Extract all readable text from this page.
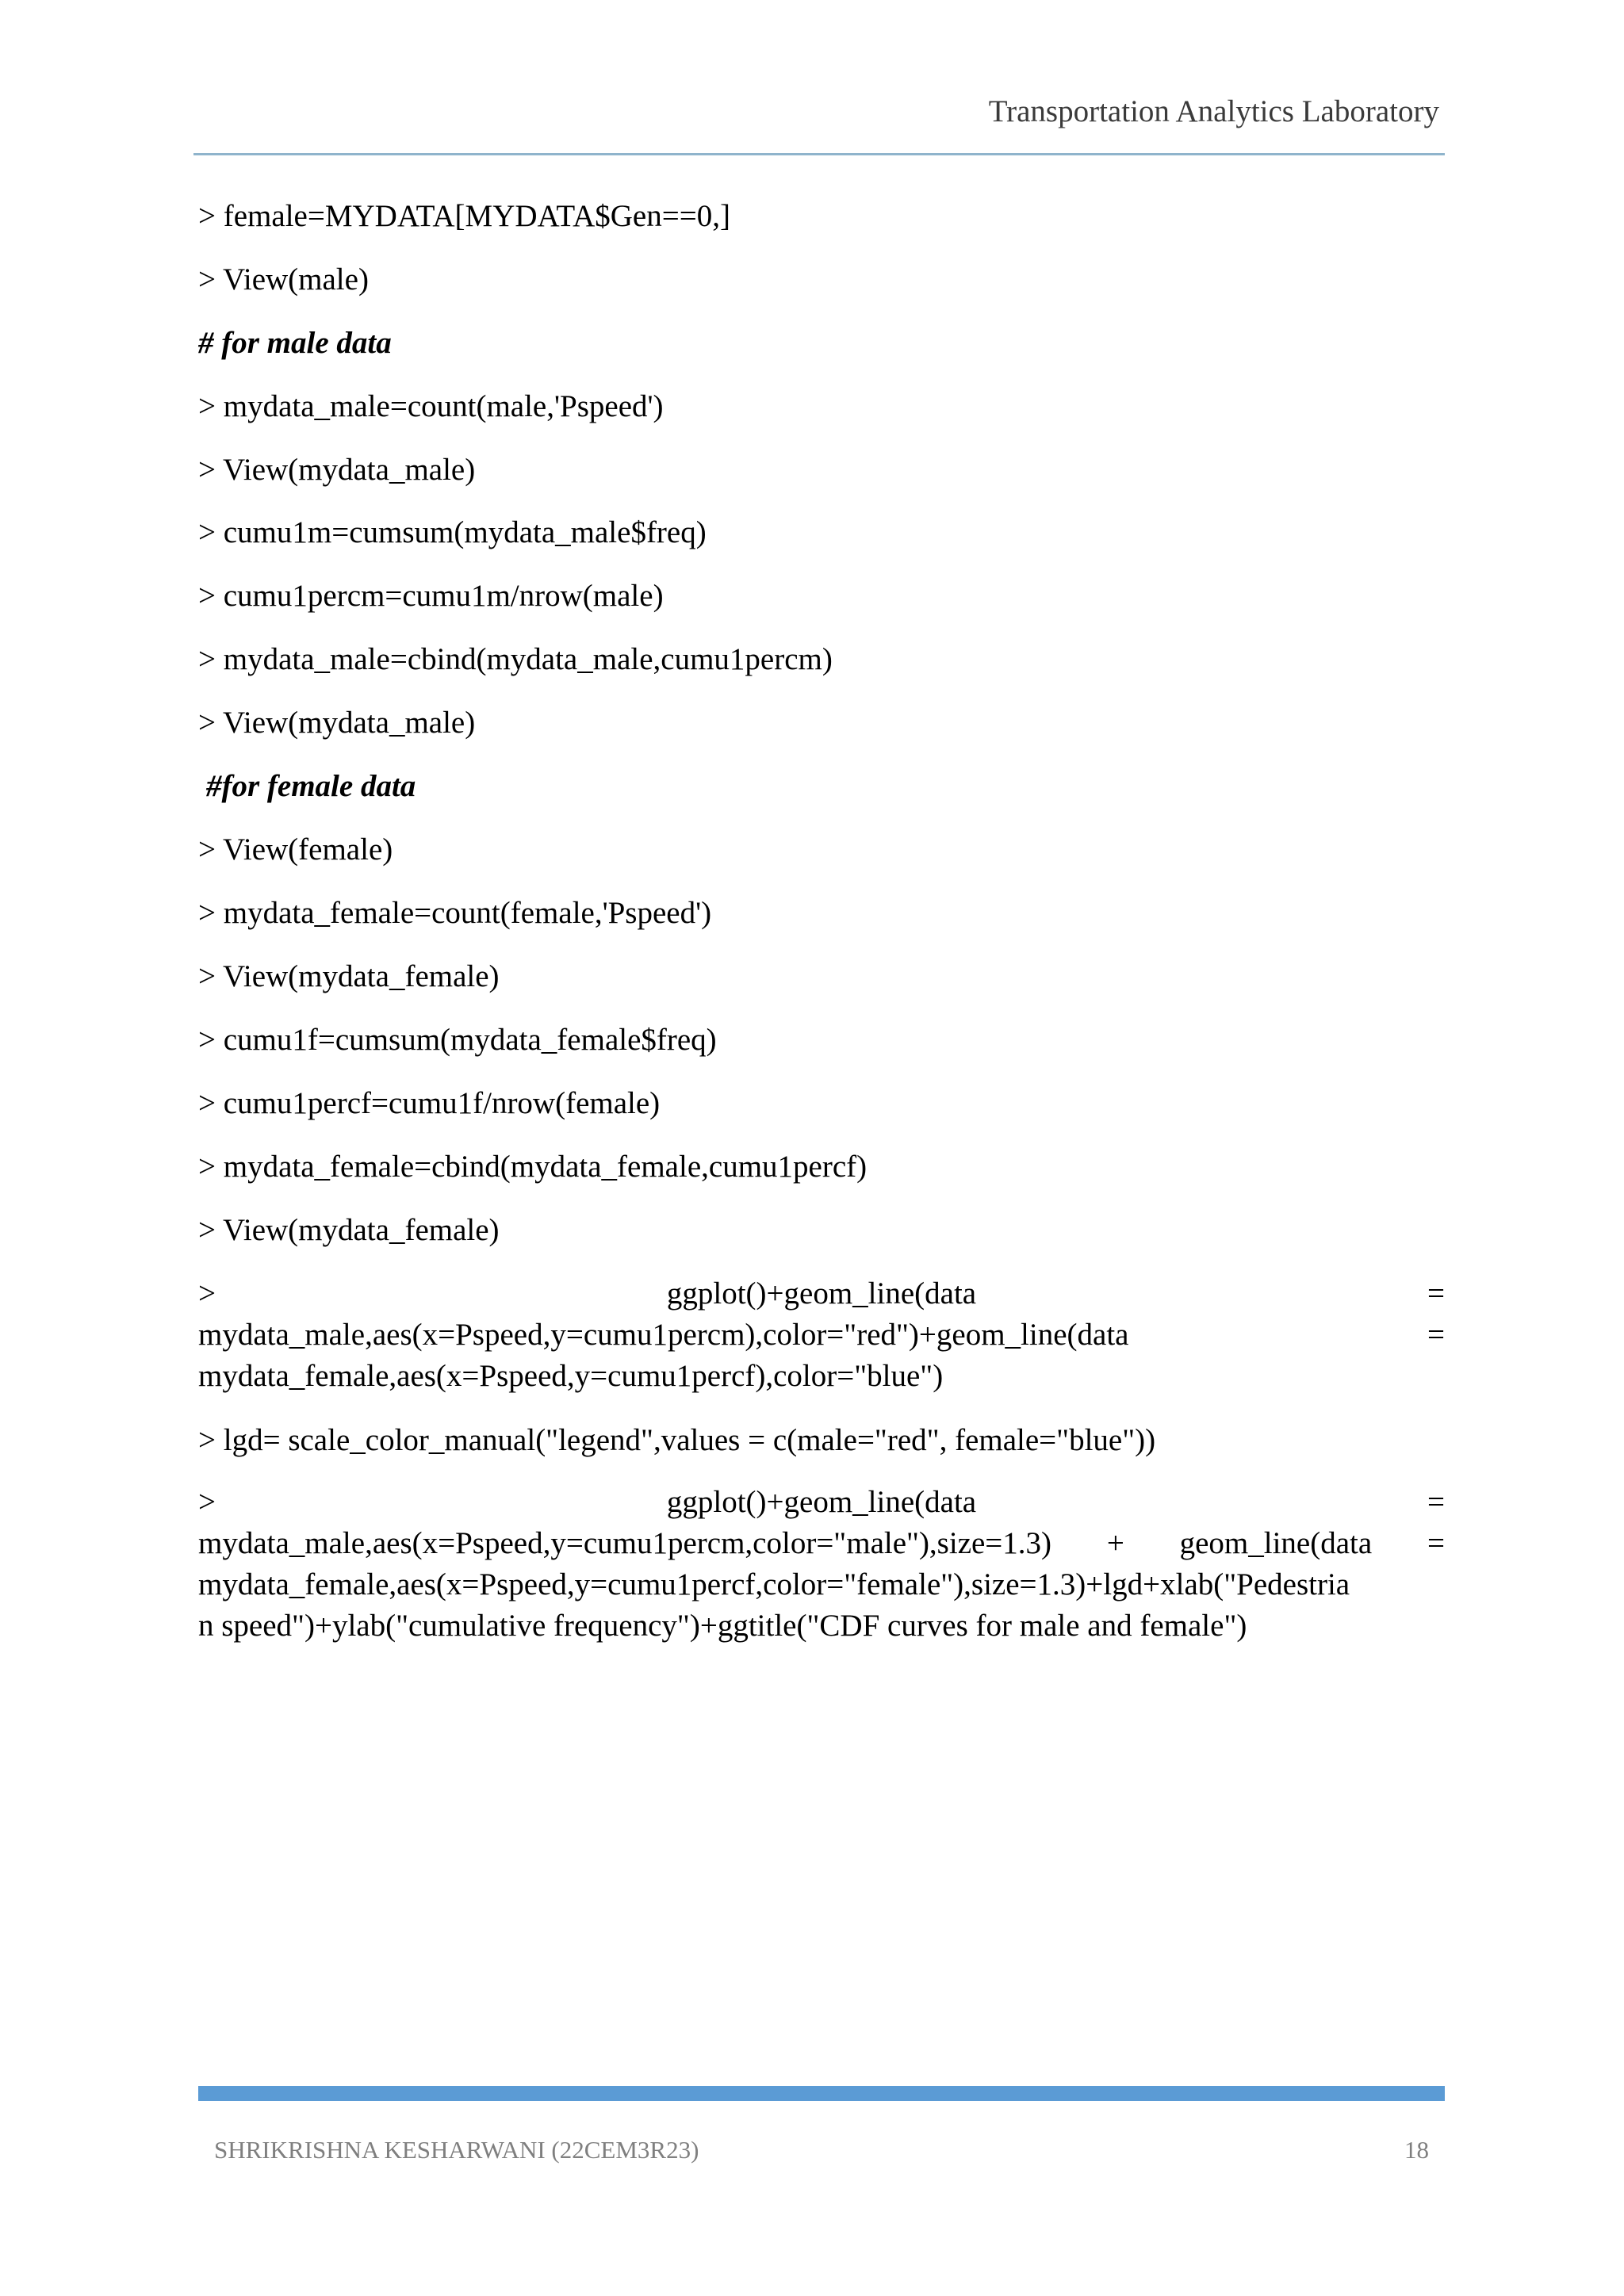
Transportation Analytics Laboratory
> female=MYDATA[MYDATA$Gen==0,]
> View(male)
# for male data
> mydata_male=count(male,'Pspeed')
> View(mydata_male)
> cumu1m=cumsum(mydata_male$freq)
> cumu1percm=cumu1m/nrow(male)
> mydata_male=cbind(mydata_male,cumu1percm)
> View(mydata_male)
#for female data
> View(female)
> mydata_female=count(female,'Pspeed')
> View(mydata_female)
> cumu1f=cumsum(mydata_female$freq)
> cumu1percf=cumu1f/nrow(female)
> mydata_female=cbind(mydata_female,cumu1percf)
> View(mydata_female)
>	ggplot()+geom_line(data	=
mydata_male,aes(x=Pspeed,y=cumu1percm),color="red")+geom_line(data	=
mydata_female,aes(x=Pspeed,y=cumu1percf),color="blue")
> lgd= scale_color_manual("legend",values = c(male="red", female="blue"))
>	ggplot()+geom_line(data	=
mydata_male,aes(x=Pspeed,y=cumu1percm,color="male"),size=1.3) + geom_line(data =
mydata_female,aes(x=Pspeed,y=cumu1percf,color="female"),size=1.3)+lgd+xlab("Pedestria
n speed")+ylab("cumulative frequency")+ggtitle("CDF curves for male and female")
SHRIKRISHNA KESHARWANI (22CEM3R23)	18
